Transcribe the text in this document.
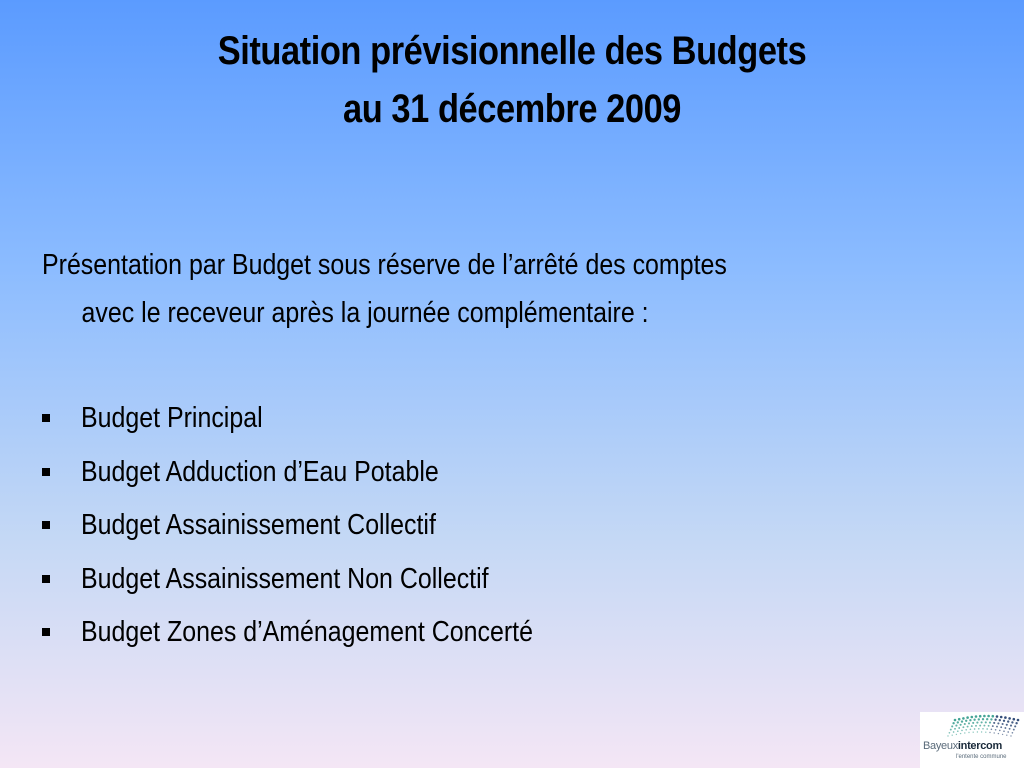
Situation prévisionnelle des Budgets
au 31 décembre 2009
Présentation par Budget sous réserve de l’arrêté des comptes
avec le receveur après la journée complémentaire :
Budget Principal
Budget Adduction d’Eau Potable
Budget Assainissement Collectif
Budget Assainissement Non Collectif
Budget Zones d’Aménagement Concerté
Bayeuxintercom
l'entente commune
